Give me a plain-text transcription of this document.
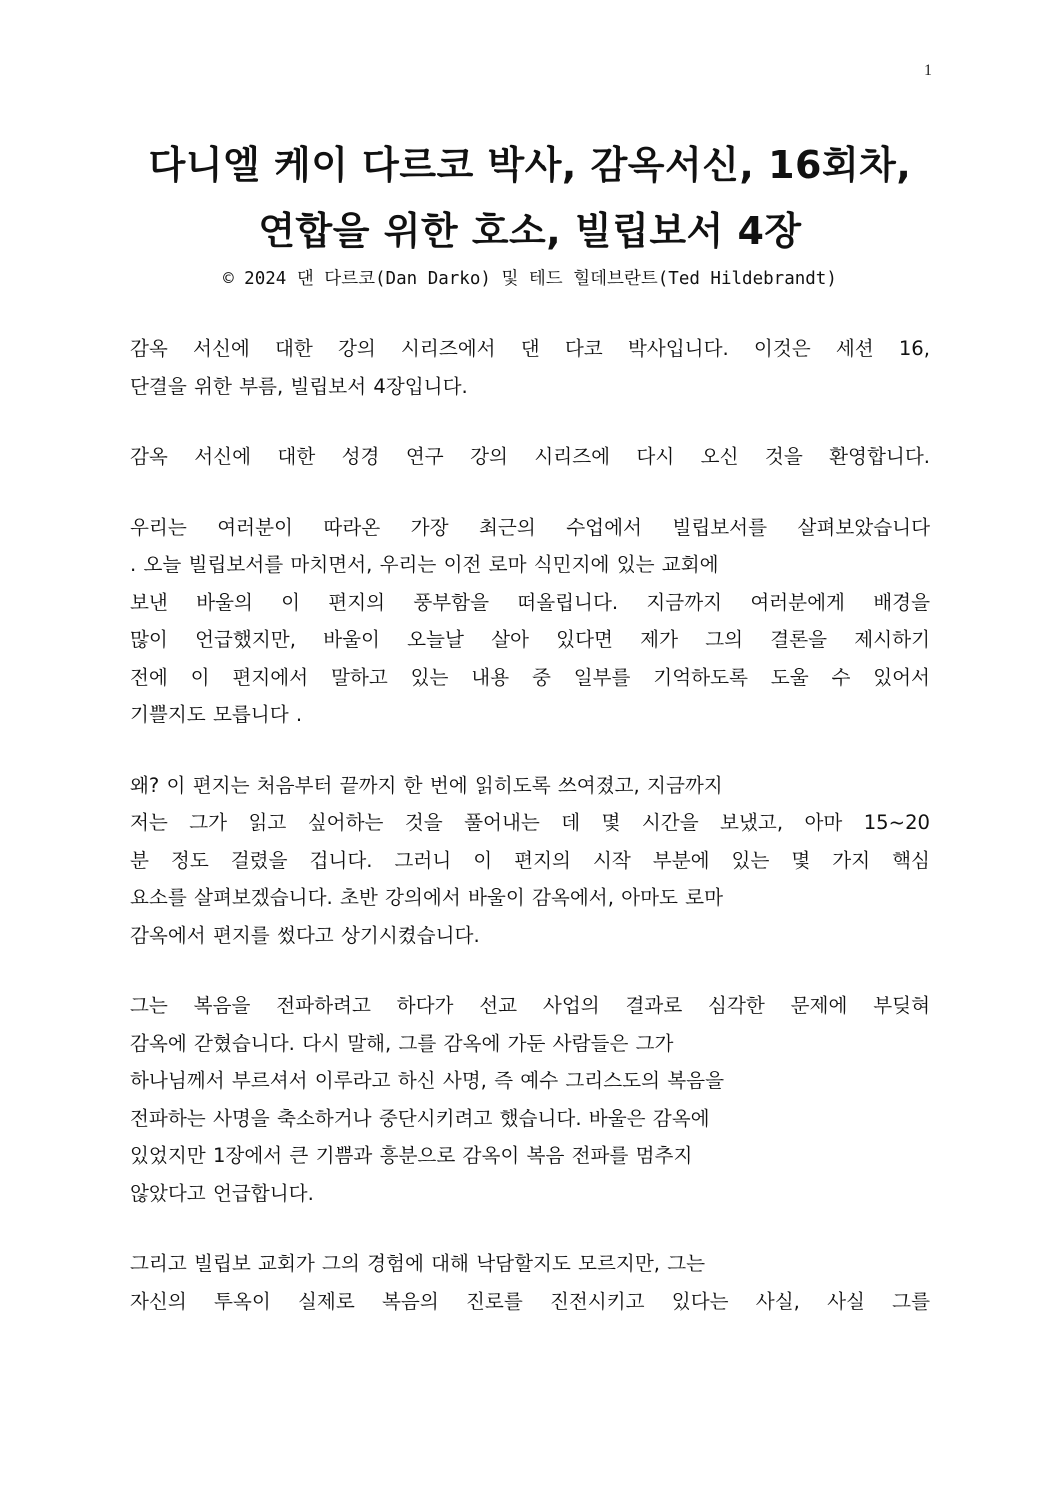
1
다니엘 케이 다르코 박사, 감옥서신, 16회차,
연합을 위한 호소, 빌립보서 4장
© 2024 댄 다르코(Dan Darko) 및 테드 힐데브란트(Ted Hildebrandt)
감옥 서신에 대한 강의 시리즈에서 댄 다코 박사입니다. 이것은 세션 16,
단결을 위한 부름, 빌립보서 4장입니다.
감옥 서신에 대한 성경 연구 강의 시리즈에 다시 오신 것을 환영합니다.
우리는 여러분이 따라온 가장 최근의 수업에서 빌립보서를 살펴보았습니다
. 오늘 빌립보서를 마치면서, 우리는 이전 로마 식민지에 있는 교회에
보낸 바울의 이 편지의 풍부함을 떠올립니다. 지금까지 여러분에게 배경을
많이 언급했지만, 바울이 오늘날 살아 있다면 제가 그의 결론을 제시하기
전에 이 편지에서 말하고 있는 내용 중 일부를 기억하도록 도울 수 있어서
기쁠지도 모릅니다 .
왜? 이 편지는 처음부터 끝까지 한 번에 읽히도록 쓰여졌고, 지금까지
저는 그가 읽고 싶어하는 것을 풀어내는 데 몇 시간을 보냈고, 아마 15~20
분 정도 걸렸을 겁니다. 그러니 이 편지의 시작 부분에 있는 몇 가지 핵심
요소를 살펴보겠습니다. 초반 강의에서 바울이 감옥에서, 아마도 로마
감옥에서 편지를 썼다고 상기시켰습니다.
그는 복음을 전파하려고 하다가 선교 사업의 결과로 심각한 문제에 부딪혀
감옥에 갇혔습니다. 다시 말해, 그를 감옥에 가둔 사람들은 그가
하나님께서 부르셔서 이루라고 하신 사명, 즉 예수 그리스도의 복음을
전파하는 사명을 축소하거나 중단시키려고 했습니다. 바울은 감옥에
있었지만 1장에서 큰 기쁨과 흥분으로 감옥이 복음 전파를 멈추지
않았다고 언급합니다.
그리고 빌립보 교회가 그의 경험에 대해 낙담할지도 모르지만, 그는
자신의 투옥이 실제로 복음의 진로를 진전시키고 있다는 사실, 사실 그를
